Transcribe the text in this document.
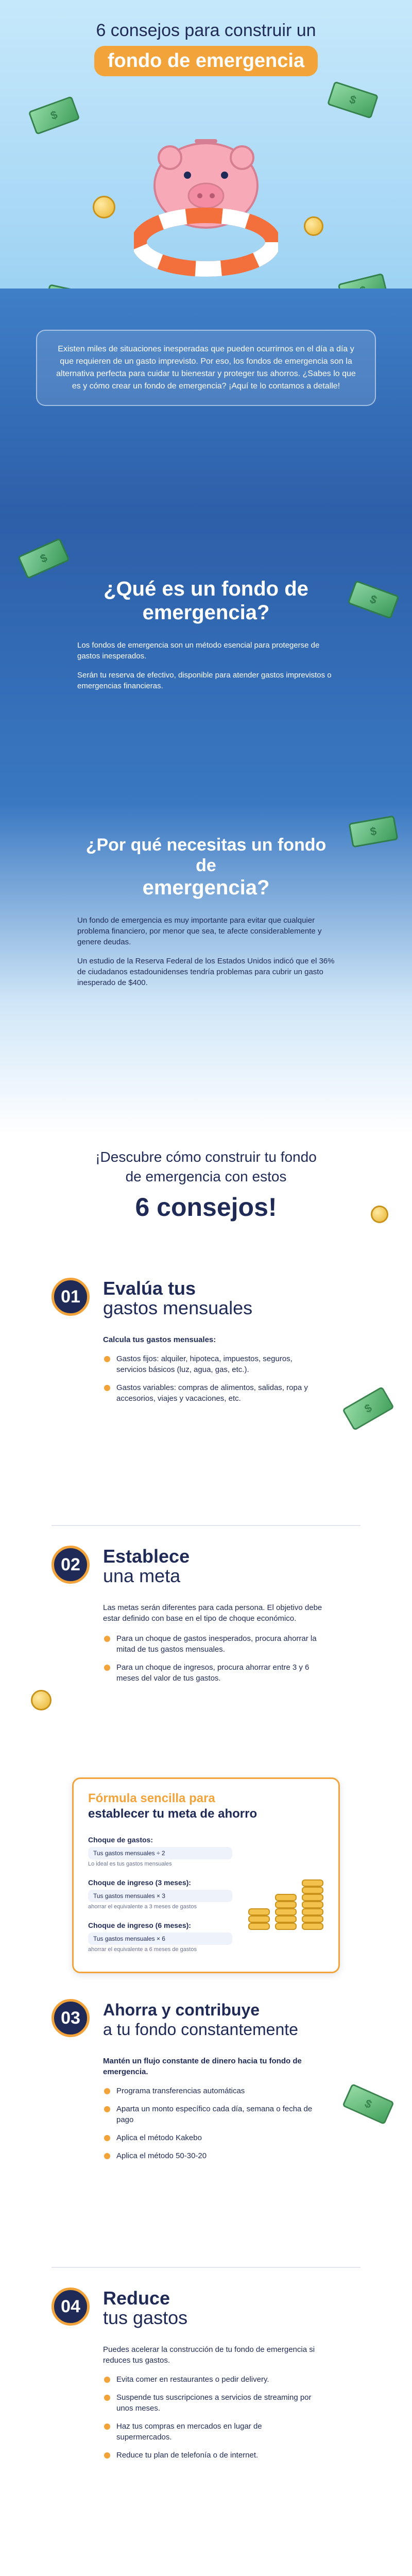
6 consejos para construir un
fondo de emergencia
$
$
$
$

Existen miles de situaciones inesperadas que pueden ocurrirnos en el día a día y que requieren de un gasto imprevisto. Por eso, los fondos de emergencia son la alternativa perfecta para cuidar tu bienestar y proteger tus ahorros. ¿Sabes lo que es y cómo crear un fondo de emergencia? ¡Aquí te lo contamos a detalle!

$
$
¿Qué es un fondo de
emergencia?

Los fondos de emergencia son un método esencial para protegerse de gastos inesperados.

Serán tu reserva de efectivo, disponible para atender gastos imprevistos o emergencias financieras.

$
¿Por qué necesitas un fondo de
emergencia?

Un fondo de emergencia es muy importante para evitar que cualquier problema financiero, por menor que sea, te afecte considerablemente y genere deudas.

Un estudio de la Reserva Federal de los Estados Unidos indicó que el 36% de ciudadanos estadounidenses tendría problemas para cubrir un gasto inesperado de $400.

¡Descubre cómo construir tu fondo
de emergencia con estos
6 consejos!
01	Evalúa tus
gastos mensuales

Calcula tus gastos mensuales:

Gastos fijos: alquiler, hipoteca, impuestos, seguros, servicios básicos (luz, agua, gas, etc.).
Gastos variables: compras de alimentos, salidas, ropa y accesorios, viajes y vacaciones, etc.
$
02	Establece
una meta

Las metas serán diferentes para cada persona. El objetivo debe estar definido con base en el tipo de choque económico.

Para un choque de gastos inesperados, procura ahorrar la mitad de tus gastos mensuales.
Para un choque de ingresos, procura ahorrar entre 3 y 6 meses del valor de tus gastos.
Fórmula sencilla para
establecer tu meta de ahorro
Choque de gastos:
Tus gastos mensuales ÷ 2
Lo ideal es tus gastos mensuales
Choque de ingreso (3 meses):
Tus gastos mensuales × 3
ahorrar el equivalente a 3 meses de gastos
Choque de ingreso (6 meses):
Tus gastos mensuales × 6
ahorrar el equivalente a 6 meses de gastos
03	Ahorra y contribuye
a tu fondo constantemente

Mantén un flujo constante de dinero hacia tu fondo de emergencia.

Programa transferencias automáticas
Aparta un monto específico cada día, semana o fecha de pago
Aplica el método Kakebo
Aplica el método 50-30-20
$
04	Reduce
tus gastos

Puedes acelerar la construcción de tu fondo de emergencia si reduces tus gastos.

Evita comer en restaurantes o pedir delivery.
Suspende tus suscripciones a servicios de streaming por unos meses.
Haz tus compras en mercados en lugar de supermercados.
Reduce tu plan de telefonía o de internet.
